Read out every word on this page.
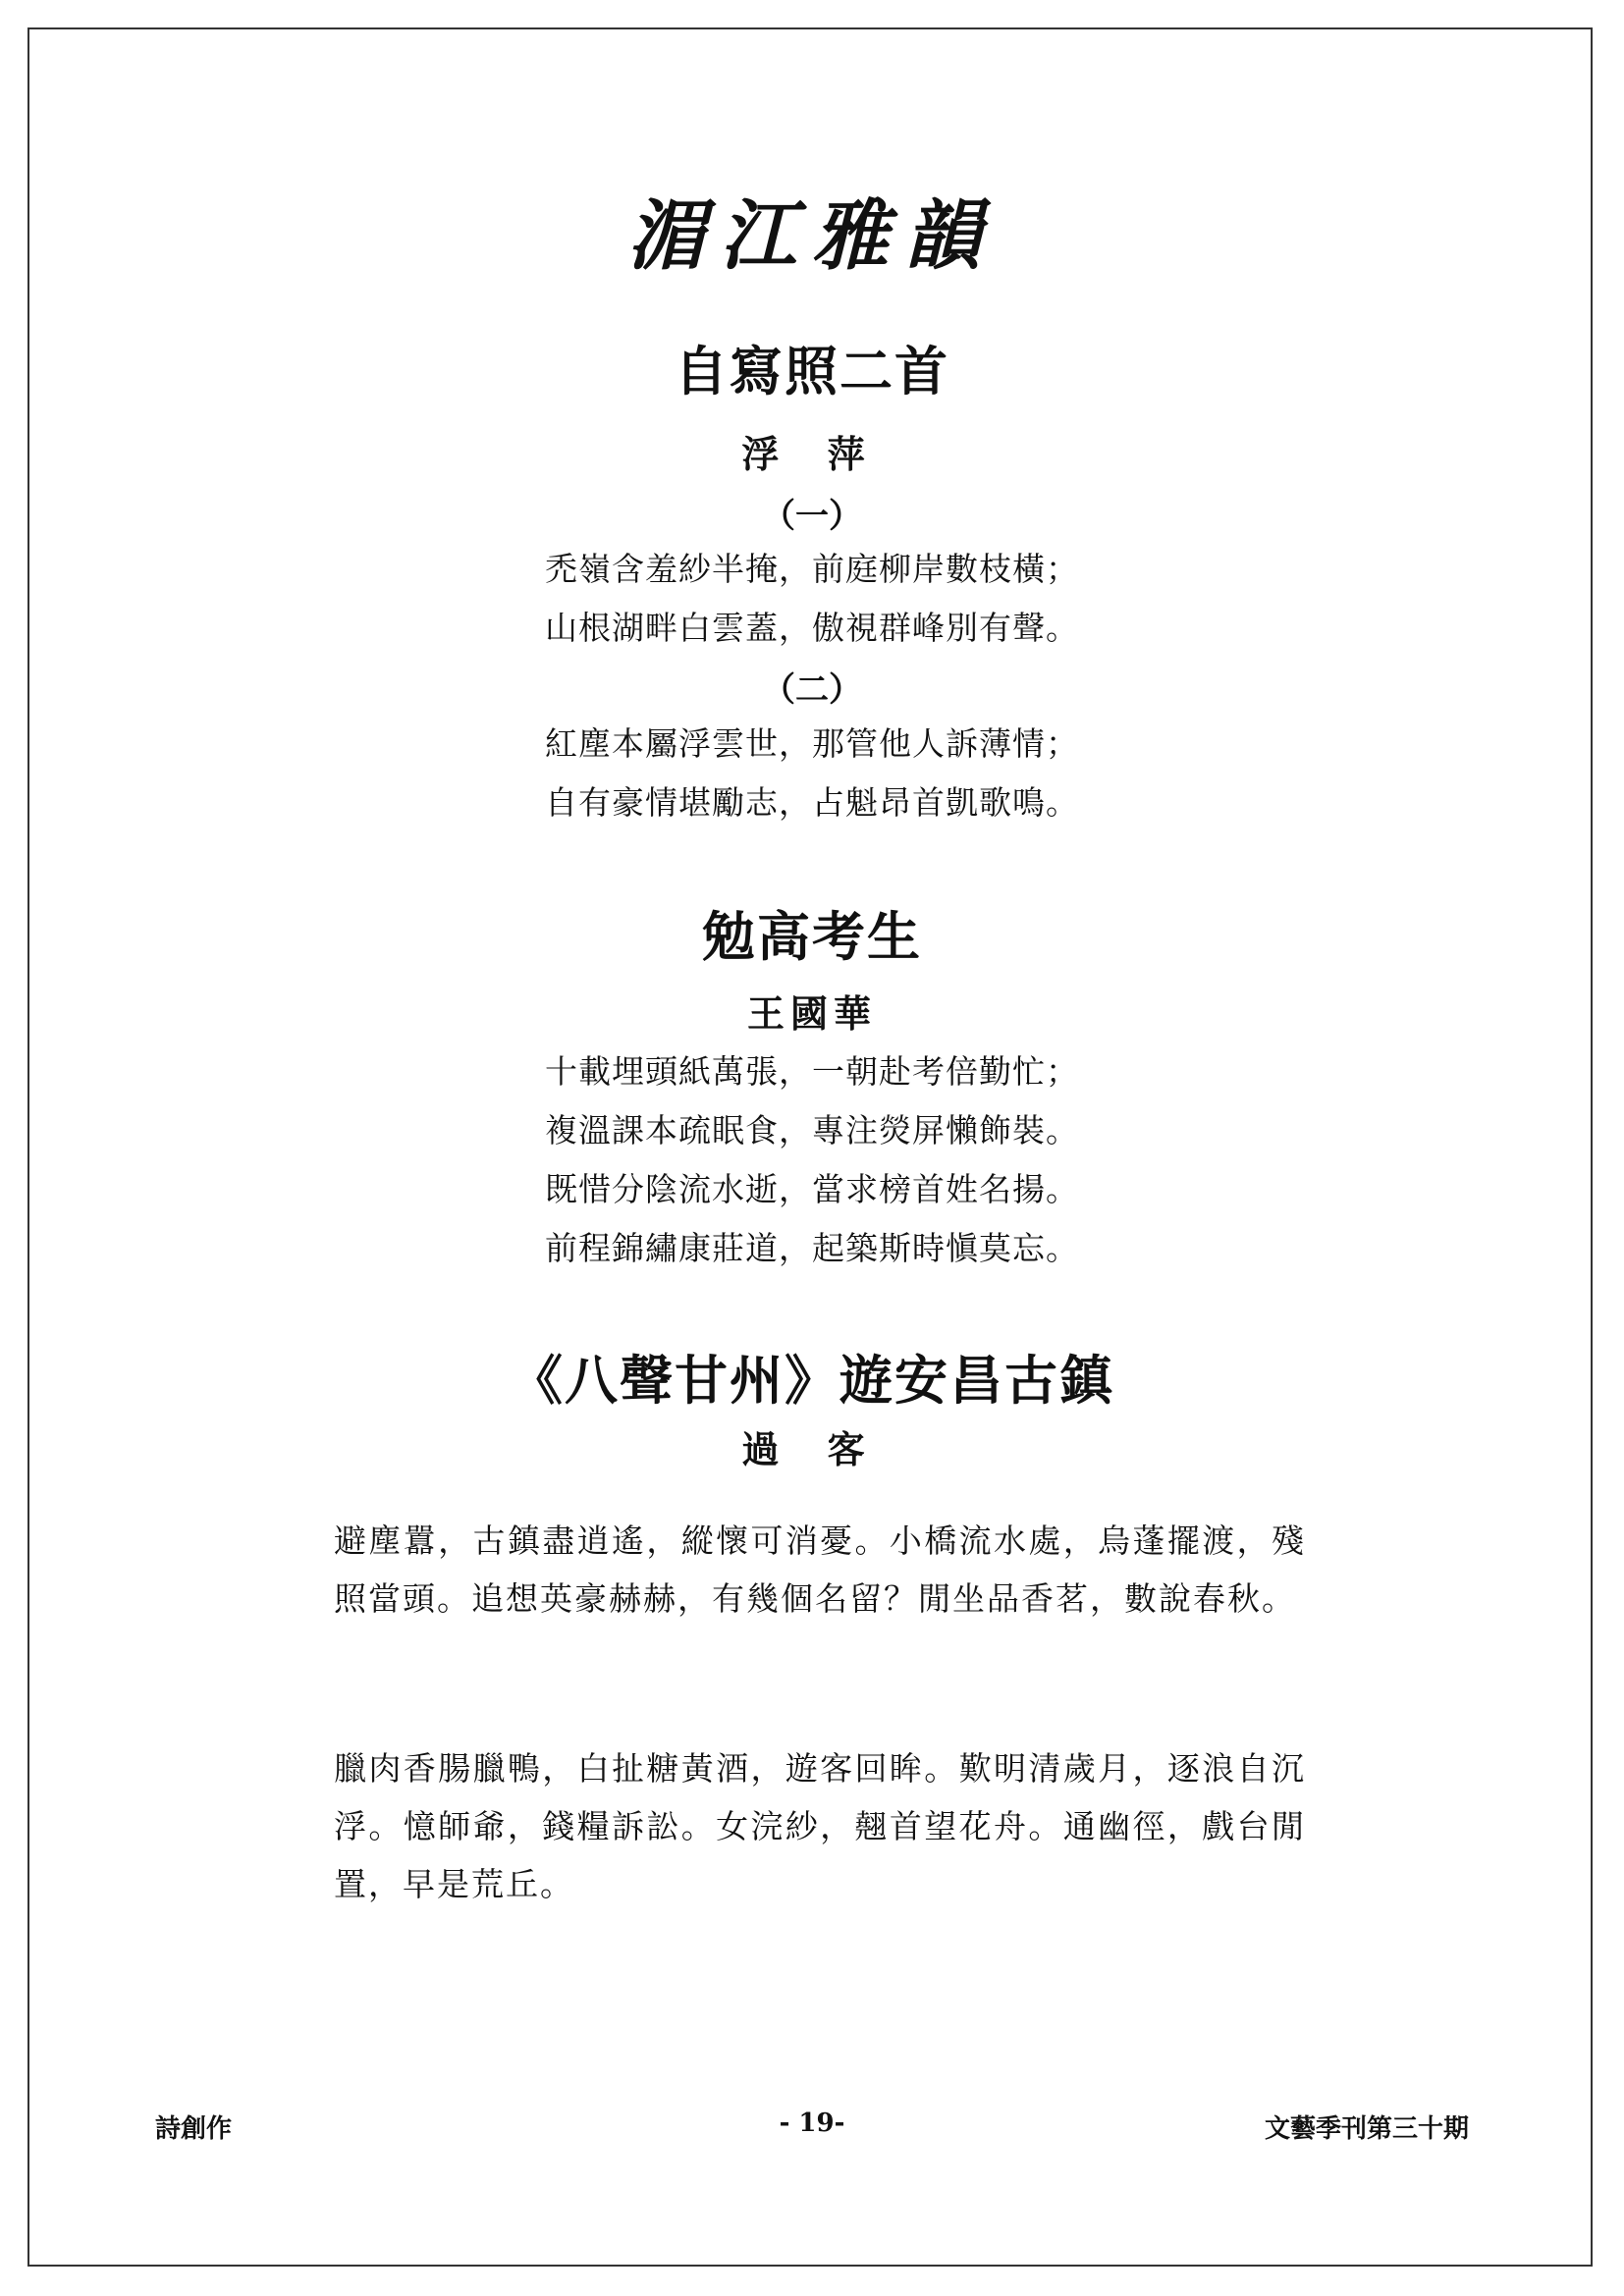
湄江雅韻
自寫照二首
浮 萍
（一）
禿嶺含羞紗半掩，前庭柳岸數枝橫；
山根湖畔白雲蓋，傲視群峰別有聲。
（二）
紅塵本屬浮雲世，那管他人訴薄情；
自有豪情堪勵志，占魁昂首凱歌鳴。
勉高考生
王國華
十載埋頭紙萬張，一朝赴考倍勤忙；
複溫課本疏眠食，專注熒屏懶飾裝。
既惜分陰流水逝，當求榜首姓名揚。
前程錦繡康莊道，起築斯時愼莫忘。
《八聲甘州》遊安昌古鎮
過 客

避塵囂，古鎮盡逍遙，縱懷可消憂。小橋流水處，烏蓬擺渡，殘照當頭。追想英豪赫赫，有幾個名留？閒坐品香茗，數說春秋。

臘肉香腸臘鴨，白扯糖黃酒，遊客回眸。歎明清歲月，逐浪自沉浮。憶師爺，錢糧訴訟。女浣紗，翹首望花舟。通幽徑，戲台閒置，早是荒丘。

詩創作	- 19-	文藝季刊第三十期
